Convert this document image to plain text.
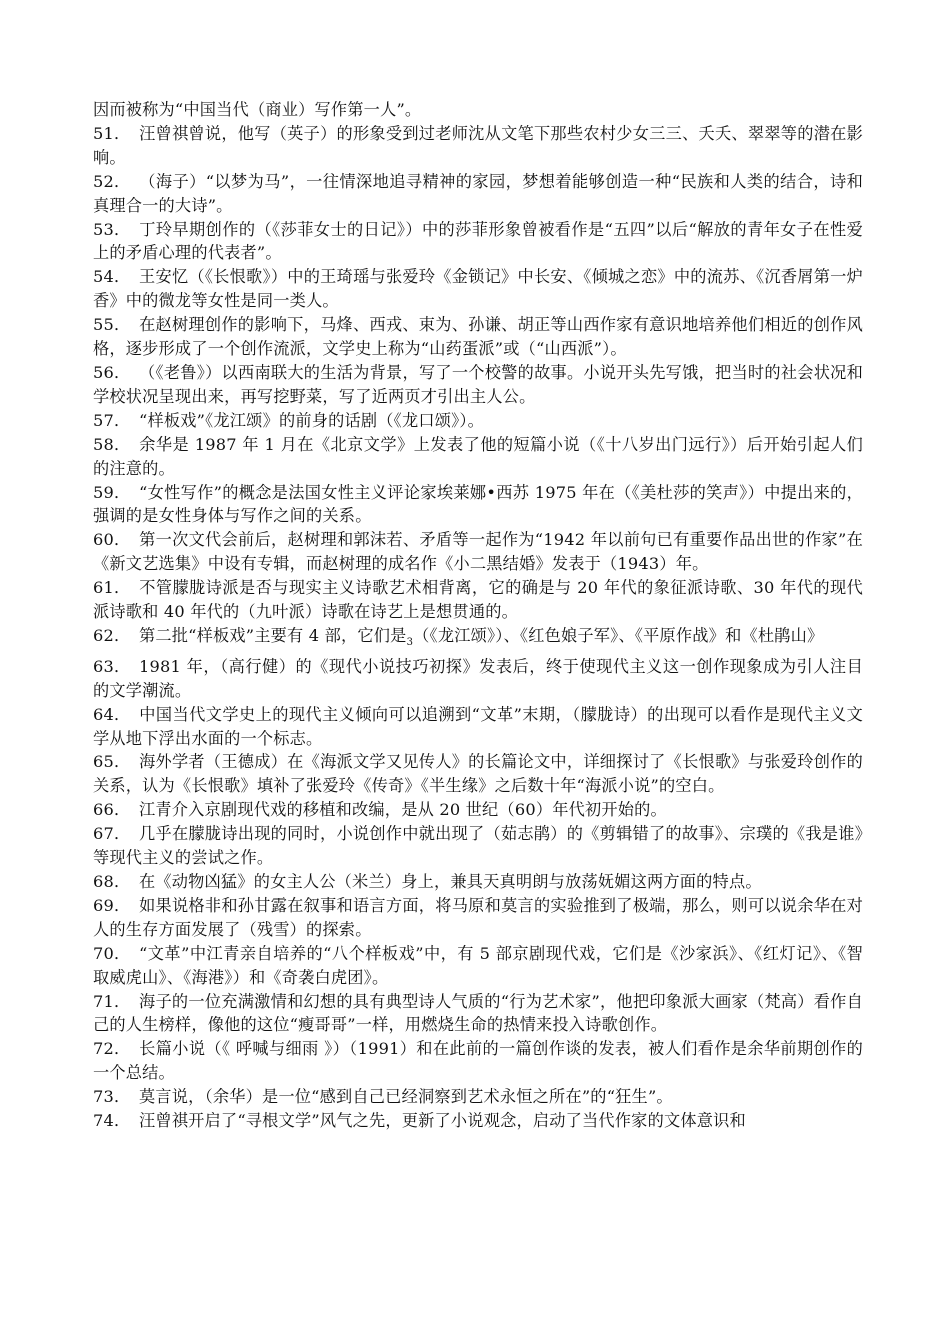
因而被称为“中国当代（商业）写作第一人”。

51． 汪曾祺曾说，他写（英子）的形象受到过老师沈从文笔下那些农村少女三三、夭夭、翠翠等的潜在影响。

52． （海子）“以梦为马”，一往情深地追寻精神的家园，梦想着能够创造一种“民族和人类的结合，诗和真理合一的大诗”。

53． 丁玲早期创作的（《莎菲女士的日记》）中的莎菲形象曾被看作是“五四”以后“解放的青年女子在性爱上的矛盾心理的代表者”。

54． 王安忆（《长恨歌》）中的王琦瑶与张爱玲《金锁记》中长安、《倾城之恋》中的流苏、《沉香屑第一炉香》中的微龙等女性是同一类人。

55． 在赵树理创作的影响下，马烽、西戎、束为、孙谦、胡正等山西作家有意识地培养他们相近的创作风格，逐步形成了一个创作流派，文学史上称为“山药蛋派”或（“山西派”）。

56． （《老鲁》）以西南联大的生活为背景，写了一个校警的故事。小说开头先写饿，把当时的社会状况和学校状况呈现出来，再写挖野菜，写了近两页才引出主人公。

57． “样板戏”《龙江颂》的前身的话剧（《龙口颂》）。

58． 余华是 1987 年 1 月在《北京文学》上发表了他的短篇小说（《十八岁出门远行》）后开始引起人们的注意的。

59． “女性写作”的概念是法国女性主义评论家埃莱娜•西苏 1975 年在（《美杜莎的笑声》）中提出来的，强调的是女性身体与写作之间的关系。

60． 第一次文代会前后，赵树理和郭沫若、矛盾等一起作为“1942 年以前句已有重要作品出世的作家”在《新文艺选集》中设有专辑，而赵树理的成名作《小二黑结婚》发表于（1943）年。

61． 不管朦胧诗派是否与现实主义诗歌艺术相背离，它的确是与 20 年代的象征派诗歌、30 年代的现代派诗歌和 40 年代的（九叶派）诗歌在诗艺上是想贯通的。

62． 第二批“样板戏”主要有 4 部，它们是$_3$（《龙江颂》）、《红色娘子军》、《平原作战》和《杜鹃山》

63． 1981 年，（高行健）的《现代小说技巧初探》发表后，终于使现代主义这一创作现象成为引人注目的文学潮流。

64． 中国当代文学史上的现代主义倾向可以追溯到“文革”末期，（朦胧诗）的出现可以看作是现代主义文学从地下浮出水面的一个标志。

65． 海外学者（王德成）在《海派文学又见传人》的长篇论文中，详细探讨了《长恨歌》与张爱玲创作的关系，认为《长恨歌》填补了张爱玲《传奇》《半生缘》之后数十年“海派小说”的空白。

66． 江青介入京剧现代戏的移植和改编，是从 20 世纪（60）年代初开始的。

67． 几乎在朦胧诗出现的同时，小说创作中就出现了（茹志鹃）的《剪辑错了的故事》、宗璞的《我是谁》等现代主义的尝试之作。

68． 在《动物凶猛》的女主人公（米兰）身上，兼具天真明朗与放荡妩媚这两方面的特点。

69． 如果说格非和孙甘露在叙事和语言方面，将马原和莫言的实验推到了极端，那么，则可以说余华在对人的生存方面发展了（残雪）的探索。

70． “文革”中江青亲自培养的“八个样板戏”中，有 5 部京剧现代戏，它们是《沙家浜》、《红灯记》、《智取威虎山》、《海港》）和《奇袭白虎团》。

71． 海子的一位充满激情和幻想的具有典型诗人气质的“行为艺术家”，他把印象派大画家（梵高）看作自己的人生榜样，像他的这位“瘦哥哥”一样，用燃烧生命的热情来投入诗歌创作。

72． 长篇小说（《 呼喊与细雨 》）（1991）和在此前的一篇创作谈的发表，被人们看作是余华前期创作的一个总结。

73． 莫言说，（余华）是一位“感到自己已经洞察到艺术永恒之所在”的“狂生”。

74． 汪曾祺开启了“寻根文学”风气之先，更新了小说观念，启动了当代作家的文体意识和
